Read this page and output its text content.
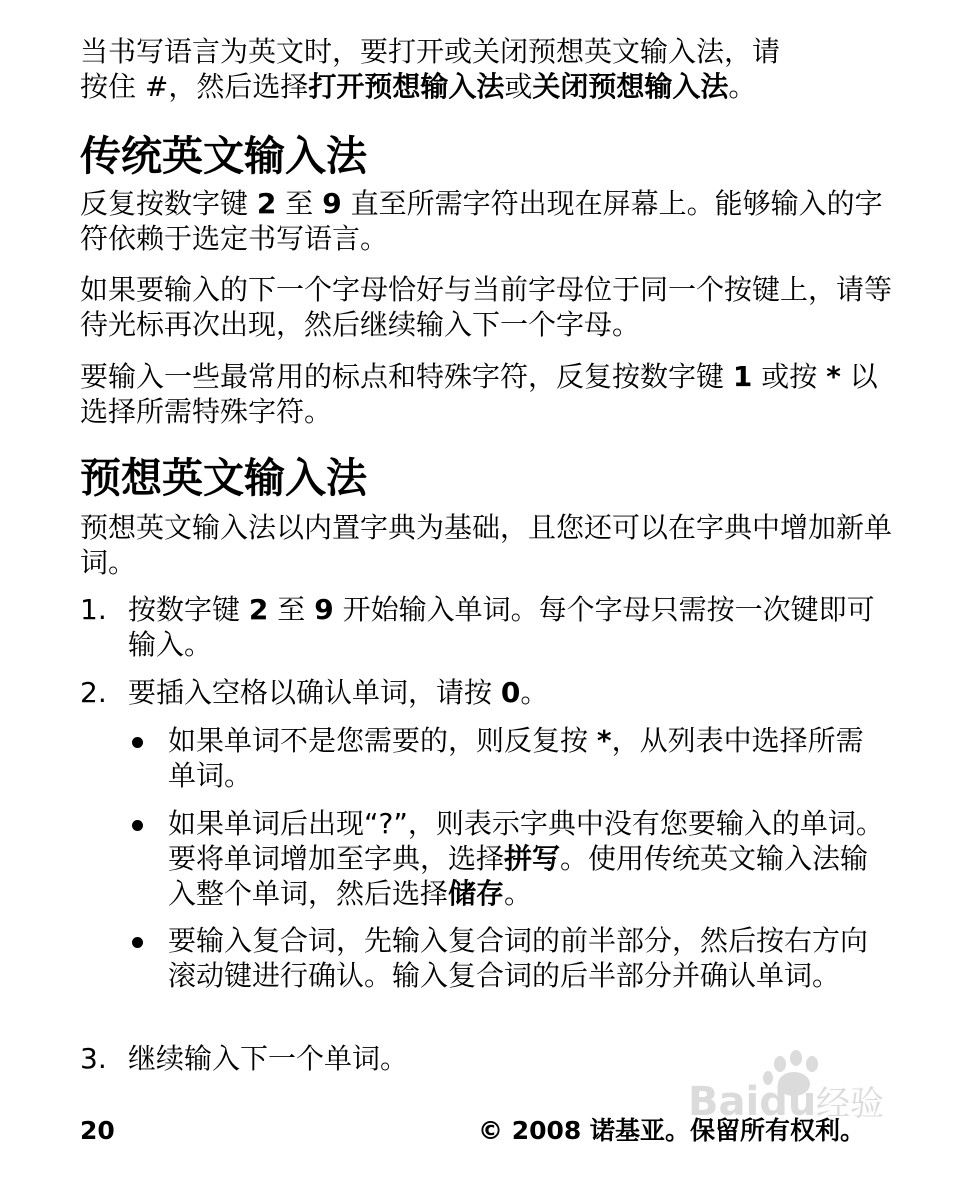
当书写语言为英文时，要打开或关闭预想英文输入法，请
按住 #，然后选择打开预想输入法或关闭预想输入法。

传统英文输入法

反复按数字键 2 至 9 直至所需字符出现在屏幕上。能够输入的字符依赖于选定书写语言。

如果要输入的下一个字母恰好与当前字母位于同一个按键上，请等待光标再次出现，然后继续输入下一个字母。

要输入一些最常用的标点和特殊字符，反复按数字键 1 或按 * 以选择所需特殊字符。

预想英文输入法

预想英文输入法以内置字典为基础，且您还可以在字典中增加新单词。

1. 按数字键 2 至 9 开始输入单词。每个字母只需按一次键即可输入。
2. 要插入空格以确认单词，请按 0。
如果单词不是您需要的，则反复按 *，从列表中选择所需单词。
如果单词后出现“?”，则表示字典中没有您要输入的单词。要将单词增加至字典，选择拼写。使用传统英文输入法输入整个单词，然后选择储存。
要输入复合词，先输入复合词的前半部分，然后按右方向滚动键进行确认。输入复合词的后半部分并确认单词。
3. 继续输入下一个单词。
Baidu 经验
20	© 2008 诺基亚。保留所有权利。
